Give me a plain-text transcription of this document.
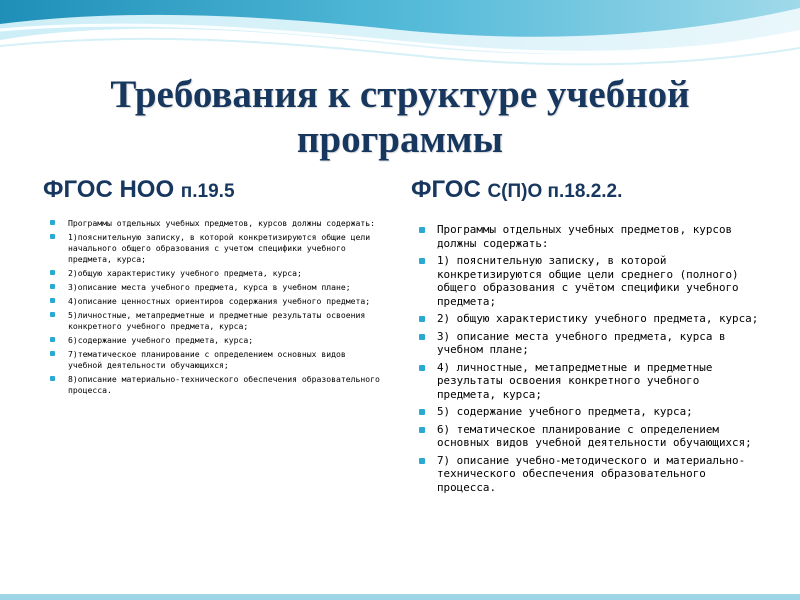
Требования к структуре учебной программы
ФГОС НОО п.19.5	ФГОС С(П)О п.18.2.2.
Программы отдельных учебных предметов, курсов должны содержать:
1)пояснительную записку, в которой конкретизируются общие цели начального общего образования с учетом специфики учебного предмета, курса;
2)общую характеристику учебного предмета, курса;
3)описание места учебного предмета, курса в учебном плане;
4)описание ценностных ориентиров содержания учебного предмета;
5)личностные, метапредметные и предметные результаты освоения конкретного учебного предмета, курса;
6)содержание учебного предмета, курса;
7)тематическое планирование с определением основных видов учебной деятельности обучающихся;
8)описание материально-технического обеспечения образовательного процесса.
Программы отдельных учебных предметов, курсов должны содержать:
1) пояснительную записку, в которой конкретизируются общие цели среднего (полного) общего образования с учётом специфики учебного предмета;
2) общую характеристику учебного предмета, курса;
3) описание места учебного предмета, курса в учебном плане;
4) личностные, метапредметные и предметные результаты освоения конкретного учебного предмета, курса;
5) содержание учебного предмета, курса;
6) тематическое планирование с определением основных видов учебной деятельности обучающихся;
7) описание учебно-методического и материально-технического обеспечения образовательного процесса.
